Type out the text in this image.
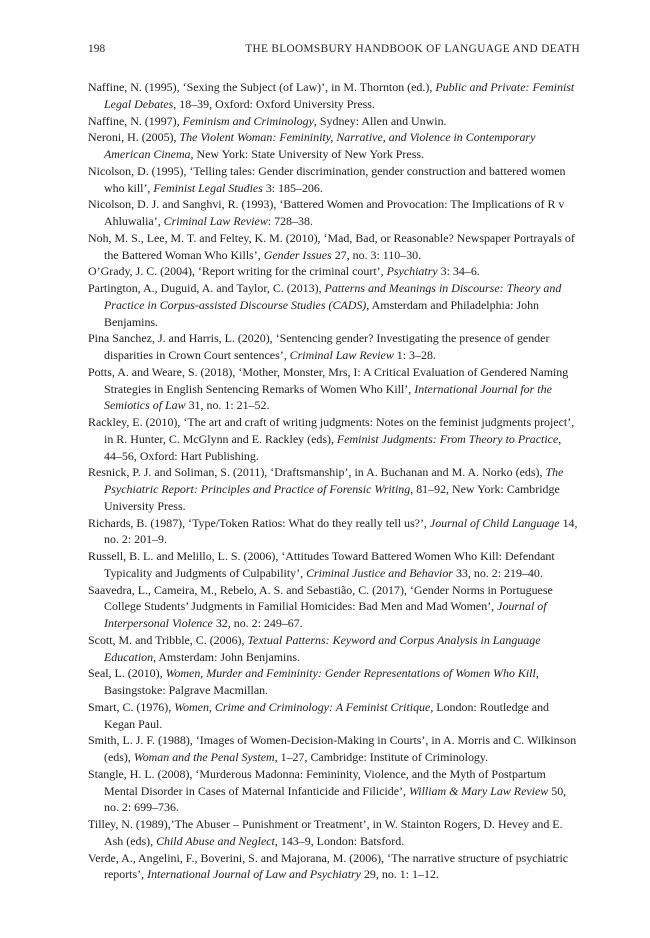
198	THE BLOOMSBURY HANDBOOK OF LANGUAGE AND DEATH
Naffine, N. (1995), ‘Sexing the Subject (of Law)’, in M. Thornton (ed.), Public and Private: Feminist Legal Debates, 18–39, Oxford: Oxford University Press.
Naffine, N. (1997), Feminism and Criminology, Sydney: Allen and Unwin.
Neroni, H. (2005), The Violent Woman: Femininity, Narrative, and Violence in Contemporary American Cinema, New York: State University of New York Press.
Nicolson, D. (1995), ‘Telling tales: Gender discrimination, gender construction and battered women who kill’, Feminist Legal Studies 3: 185–206.
Nicolson, D. J. and Sanghvi, R. (1993), ‘Battered Women and Provocation: The Implications of R v Ahluwalia’, Criminal Law Review: 728–38.
Noh, M. S., Lee, M. T. and Feltey, K. M. (2010), ‘Mad, Bad, or Reasonable? Newspaper Portrayals of the Battered Woman Who Kills’, Gender Issues 27, no. 3: 110–30.
O’Grady, J. C. (2004), ‘Report writing for the criminal court’, Psychiatry 3: 34–6.
Partington, A., Duguid, A. and Taylor, C. (2013), Patterns and Meanings in Discourse: Theory and Practice in Corpus-assisted Discourse Studies (CADS), Amsterdam and Philadelphia: John Benjamins.
Pina Sanchez, J. and Harris, L. (2020), ‘Sentencing gender? Investigating the presence of gender disparities in Crown Court sentences’, Criminal Law Review 1: 3–28.
Potts, A. and Weare, S. (2018), ‘Mother, Monster, Mrs, I: A Critical Evaluation of Gendered Naming Strategies in English Sentencing Remarks of Women Who Kill’, International Journal for the Semiotics of Law 31, no. 1: 21–52.
Rackley, E. (2010), ‘The art and craft of writing judgments: Notes on the feminist judgments project’, in R. Hunter, C. McGlynn and E. Rackley (eds), Feminist Judgments: From Theory to Practice, 44–56, Oxford: Hart Publishing.
Resnick, P. J. and Soliman, S. (2011), ‘Draftsmanship’, in A. Buchanan and M. A. Norko (eds), The Psychiatric Report: Principles and Practice of Forensic Writing, 81–92, New York: Cambridge University Press.
Richards, B. (1987), ‘Type/Token Ratios: What do they really tell us?’, Journal of Child Language 14, no. 2: 201–9.
Russell, B. L. and Melillo, L. S. (2006), ‘Attitudes Toward Battered Women Who Kill: Defendant Typicality and Judgments of Culpability’, Criminal Justice and Behavior 33, no. 2: 219–40.
Saavedra, L., Cameira, M., Rebelo, A. S. and Sebastião, C. (2017), ‘Gender Norms in Portuguese College Students’ Judgments in Familial Homicides: Bad Men and Mad Women’, Journal of Interpersonal Violence 32, no. 2: 249–67.
Scott, M. and Tribble, C. (2006), Textual Patterns: Keyword and Corpus Analysis in Language Education, Amsterdam: John Benjamins.
Seal, L. (2010), Women, Murder and Femininity: Gender Representations of Women Who Kill, Basingstoke: Palgrave Macmillan.
Smart, C. (1976), Women, Crime and Criminology: A Feminist Critique, London: Routledge and Kegan Paul.
Smith, L. J. F. (1988), ‘Images of Women-Decision-Making in Courts’, in A. Morris and C. Wilkinson (eds), Woman and the Penal System, 1–27, Cambridge: Institute of Criminology.
Stangle, H. L. (2008), ‘Murderous Madonna: Femininity, Violence, and the Myth of Postpartum Mental Disorder in Cases of Maternal Infanticide and Filicide’, William & Mary Law Review 50, no. 2: 699–736.
Tilley, N. (1989),’The Abuser – Punishment or Treatment’, in W. Stainton Rogers, D. Hevey and E. Ash (eds), Child Abuse and Neglect, 143–9, London: Batsford.
Verde, A., Angelini, F., Boverini, S. and Majorana, M. (2006), ‘The narrative structure of psychiatric reports’, International Journal of Law and Psychiatry 29, no. 1: 1–12.
